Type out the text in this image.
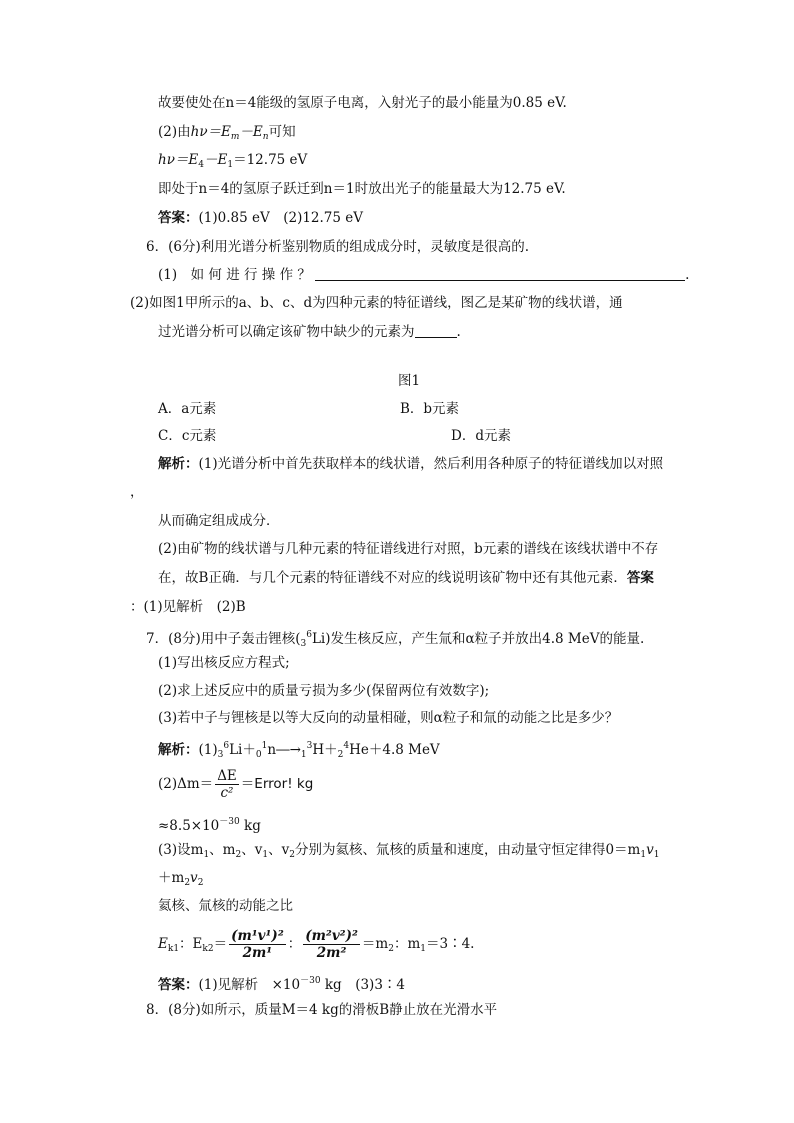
故要使处在n＝4能级的氢原子电离，入射光子的最小能量为0.85 eV.
(2)由$h\nu=E_m-E_n$可知
$h\nu=E_4-E_1=12.75$ eV
即处于n＝4的氢原子跃迁到n＝1时放出光子的能量最大为12.75 eV.
答案：(1)0.85 eV　(2)12.75 eV
6．(6分)利用光谱分析鉴别物质的组成成分时，灵敏度是很高的.
(1)　如 何 进 行 操 作 ？	.
(2)如图1甲所示的a、b、c、d为四种元素的特征谱线，图乙是某矿物的线状谱，通
过光谱分析可以确定该矿物中缺少的元素为	.
图1
A．a元素	B．b元素
C．c元素	D．d元素
解析：(1)光谱分析中首先获取样本的线状谱，然后利用各种原子的特征谱线加以对照
，
从而确定组成成分．
(2)由矿物的线状谱与几种元素的特征谱线进行对照，b元素的谱线在该线状谱中不存
在，故B正确．与几个元素的特征谱线不对应的线说明该矿物中还有其他元素．答案
：(1)见解析　(2)B
7．(8分)用中子轰击锂核$(_3^6Li)$发生核反应，产生氚和α粒子并放出4.8 MeV的能量.
(1)写出核反应方程式;
(2)求上述反应中的质量亏损为多少(保留两位有效数字);
(3)若中子与锂核是以等大反向的动量相碰，则α粒子和氚的动能之比是多少？
解析：$(1)_3^6Li+_0^1n―\to_1^3H+_2^4He+4.8$ MeV
$(2)\Delta m= \frac{\Delta E}{\text{c²}}$ ＝Error! kg
$\approx 8.5\times 10^{-30}$ kg
(3)设$m_1$、$m_2$、$v_1$、$v_2$分别为氦核、氚核的质量和速度，由动量守恒定律得$0=m_1v_1$
$+m_2v_2$
氦核、氚核的动能之比
$E_{k1}$：$E_{k2}= \frac{\text{(m¹v¹)²}}{\text{2m¹}}$ ： $\frac{\text{(m²v²)²}}{\text{2m²}} =m_2$：$m_1=3∶4$.
答案：(1)见解析　$\times 10^{-30}$ kg　(3)3∶4
8．(8分)如所示，质量M＝4 kg的滑板B静止放在光滑水平
